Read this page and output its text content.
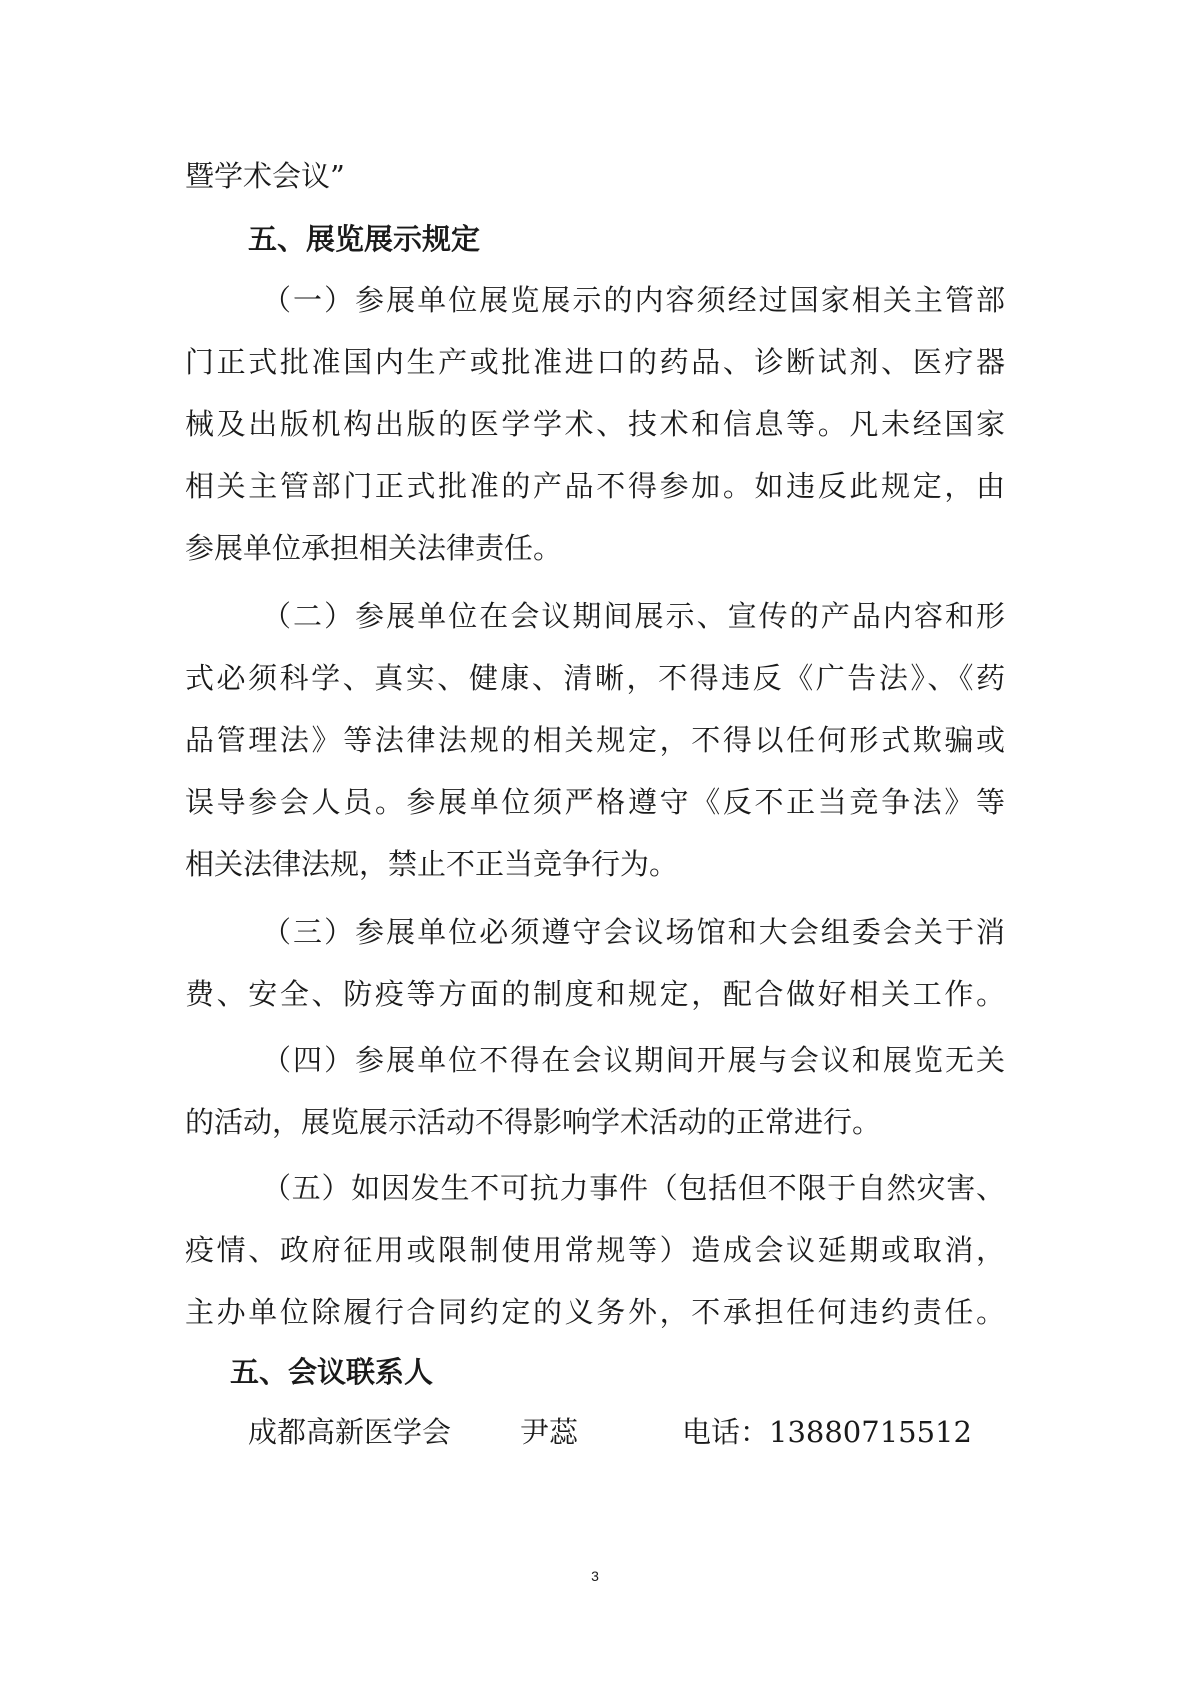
暨学术会议”
五、展览展示规定
（一）参展单位展览展示的内容须经过国家相关主管部
门正式批准国内生产或批准进口的药品、诊断试剂、医疗器
械及出版机构出版的医学学术、技术和信息等。凡未经国家
相关主管部门正式批准的产品不得参加。如违反此规定，由
参展单位承担相关法律责任。
（二）参展单位在会议期间展示、宣传的产品内容和形
式必须科学、真实、健康、清晰，不得违反《广告法》、《药
品管理法》等法律法规的相关规定，不得以任何形式欺骗或
误导参会人员。参展单位须严格遵守《反不正当竞争法》等
相关法律法规，禁止不正当竞争行为。
（三）参展单位必须遵守会议场馆和大会组委会关于消
费、安全、防疫等方面的制度和规定，配合做好相关工作。
（四）参展单位不得在会议期间开展与会议和展览无关
的活动，展览展示活动不得影响学术活动的正常进行。
（五）如因发生不可抗力事件（包括但不限于自然灾害、
疫情、政府征用或限制使用常规等）造成会议延期或取消，
主办单位除履行合同约定的义务外，不承担任何违约责任。
五、会议联系人
成都高新医学会 尹蕊	电话：13880715512
3
